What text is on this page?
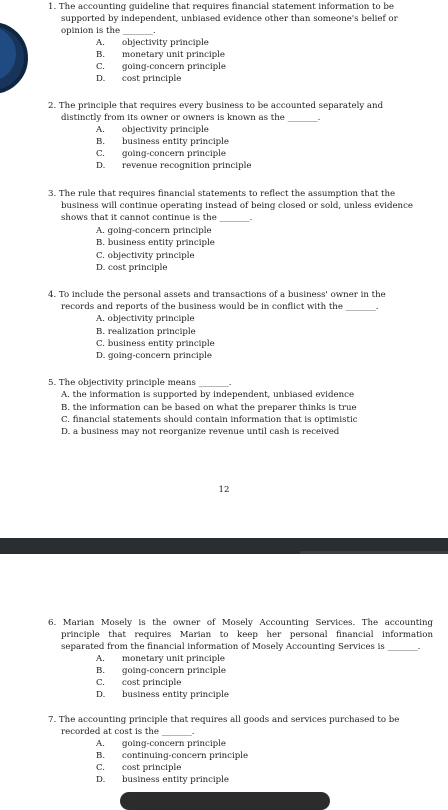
1. The accounting guideline that requires financial statement information to be
supported by independent, unbiased evidence other than someone's belief or
opinion is the _______.
A. objectivity principle
B. monetary unit principle
C. going-concern principle
D. cost principle
2. The principle that requires every business to be accounted separately and
distinctly from its owner or owners is known as the _______.
A. objectivity principle
B. business entity principle
C. going-concern principle
D. revenue recognition principle
3. The rule that requires financial statements to reflect the assumption that the
business will continue operating instead of being closed or sold, unless evidence
shows that it cannot continue is the _______.
A. going-concern principle
B. business entity principle
C. objectivity principle
D. cost principle
4. To include the personal assets and transactions of a business' owner in the
records and reports of the business would be in conflict with the _______.
A. objectivity principle
B. realization principle
C. business entity principle
D. going-concern principle
5. The objectivity principle means _______.
A. the information is supported by independent, unbiased evidence
B. the information can be based on what the preparer thinks is true
C. financial statements should contain information that is optimistic
D. a business may not reorganize revenue until cash is received
12
6. Marian Mosely is the owner of Mosely Accounting Services. The accounting
principle that requires Marian to keep her personal financial information
separated from the financial information of Mosely Accounting Services is _______.
A. monetary unit principle
B. going-concern principle
C. cost principle
D. business entity principle
7. The accounting principle that requires all goods and services purchased to be
recorded at cost is the _______.
A. going-concern principle
B. continuing-concern principle
C. cost principle
D. business entity principle
